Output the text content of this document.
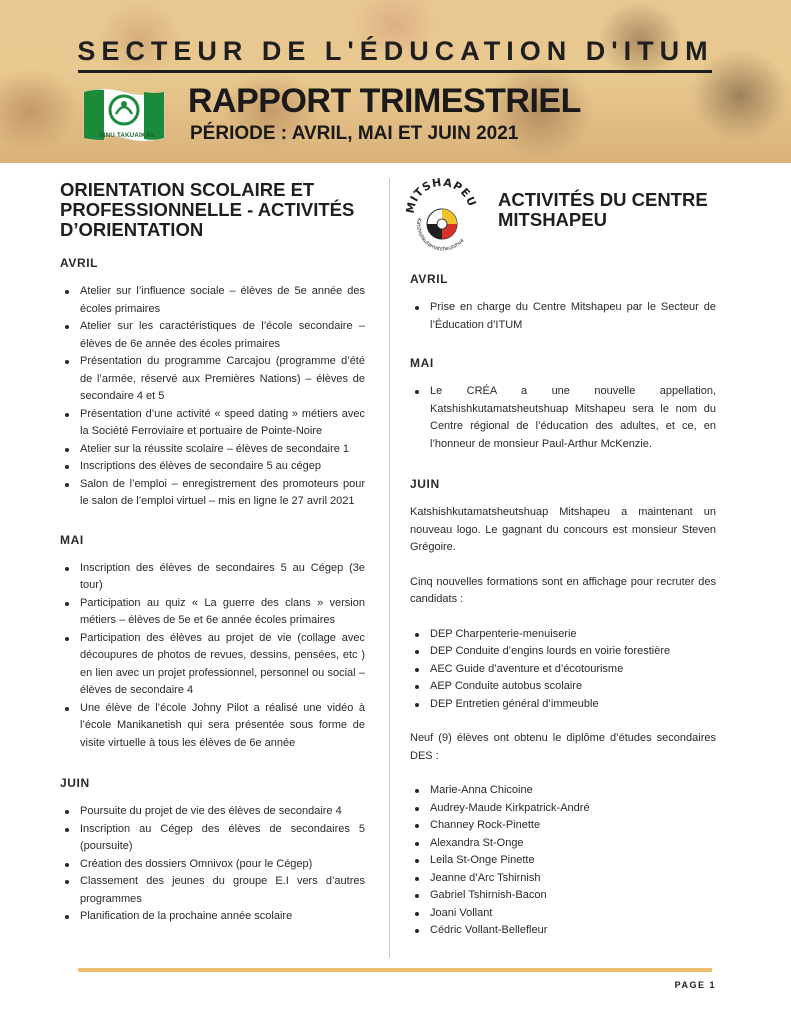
SECTEUR DE L'ÉDUCATION D'ITUM
INNU TAKUAIKAN
RAPPORT TRIMESTRIEL
PÉRIODE : AVRIL, MAI ET JUIN 2021
ORIENTATION SCOLAIRE ET PROFESSIONNELLE - ACTIVITÉS D’ORIENTATION
AVRIL
Atelier sur l’influence sociale – élèves de 5e année des écoles primaires
Atelier sur les caractéristiques de l’école secondaire – élèves de 6e année des écoles primaires
Présentation du programme Carcajou (programme d’été de l’armée, réservé aux Premières Nations) – élèves de secondaire 4 et 5
Présentation d’une activité « speed dating » métiers avec la Société Ferroviaire et portuaire de Pointe-Noire
Atelier sur la réussite scolaire – élèves de secondaire 1
Inscriptions des élèves de secondaire 5 au cégep
Salon de l’emploi – enregistrement des promoteurs pour le salon de l’emploi virtuel – mis en ligne le 27 avril 2021
MAI
Inscription des élèves de secondaires 5 au Cégep (3e tour)
Participation au quiz « La guerre des clans » version métiers – élèves de 5e et 6e année écoles primaires
Participation des élèves au projet de vie (collage avec découpures de photos de revues, dessins, pensées, etc ) en lien avec un projet professionnel, personnel ou social – élèves de secondaire 4
Une élève de l’école Johny Pilot a réalisé une vidéo à l’école Manikanetish qui sera présentée sous forme de visite virtuelle à tous les élèves de 6e année
JUIN
Poursuite du projet de vie des élèves de secondaire 4
Inscription au Cégep des élèves de secondaires 5 (poursuite)
Création des dossiers Omnivox (pour le Cégep)
Classement des jeunes du groupe E.I vers d’autres programmes
Planification de la prochaine année scolaire
MITSHAPEU
Katshishkutamatsheutshua
ACTIVITÉS DU CENTRE MITSHAPEU
AVRIL
Prise en charge du Centre Mitshapeu par le Secteur de l’Éducation d’ITUM
MAI
Le CRÉA a une nouvelle appellation, Katshishkutamatsheutshuap Mitshapeu sera le nom du Centre régional de l’éducation des adultes, et ce, en l’honneur de monsieur Paul-Arthur McKenzie.
JUIN

Katshishkutamatsheutshuap Mitshapeu a maintenant un nouveau logo. Le gagnant du concours est monsieur Steven Grégoire.

Cinq nouvelles formations sont en affichage pour recruter des candidats :

DEP Charpenterie-menuiserie
DEP Conduite d’engins lourds en voirie forestière
AEC Guide d’aventure et d’écotourisme
AEP Conduite autobus scolaire
DEP Entretien général d’immeuble

Neuf (9) élèves ont obtenu le diplôme d’études secondaires DES :

Marie-Anna Chicoine
Audrey-Maude Kirkpatrick-André
Channey Rock-Pinette
Alexandra St-Onge
Leila St-Onge Pinette
Jeanne d’Arc Tshirnish
Gabriel Tshirnish-Bacon
Joani Vollant
Cédric Vollant-Bellefleur
PAGE 1
